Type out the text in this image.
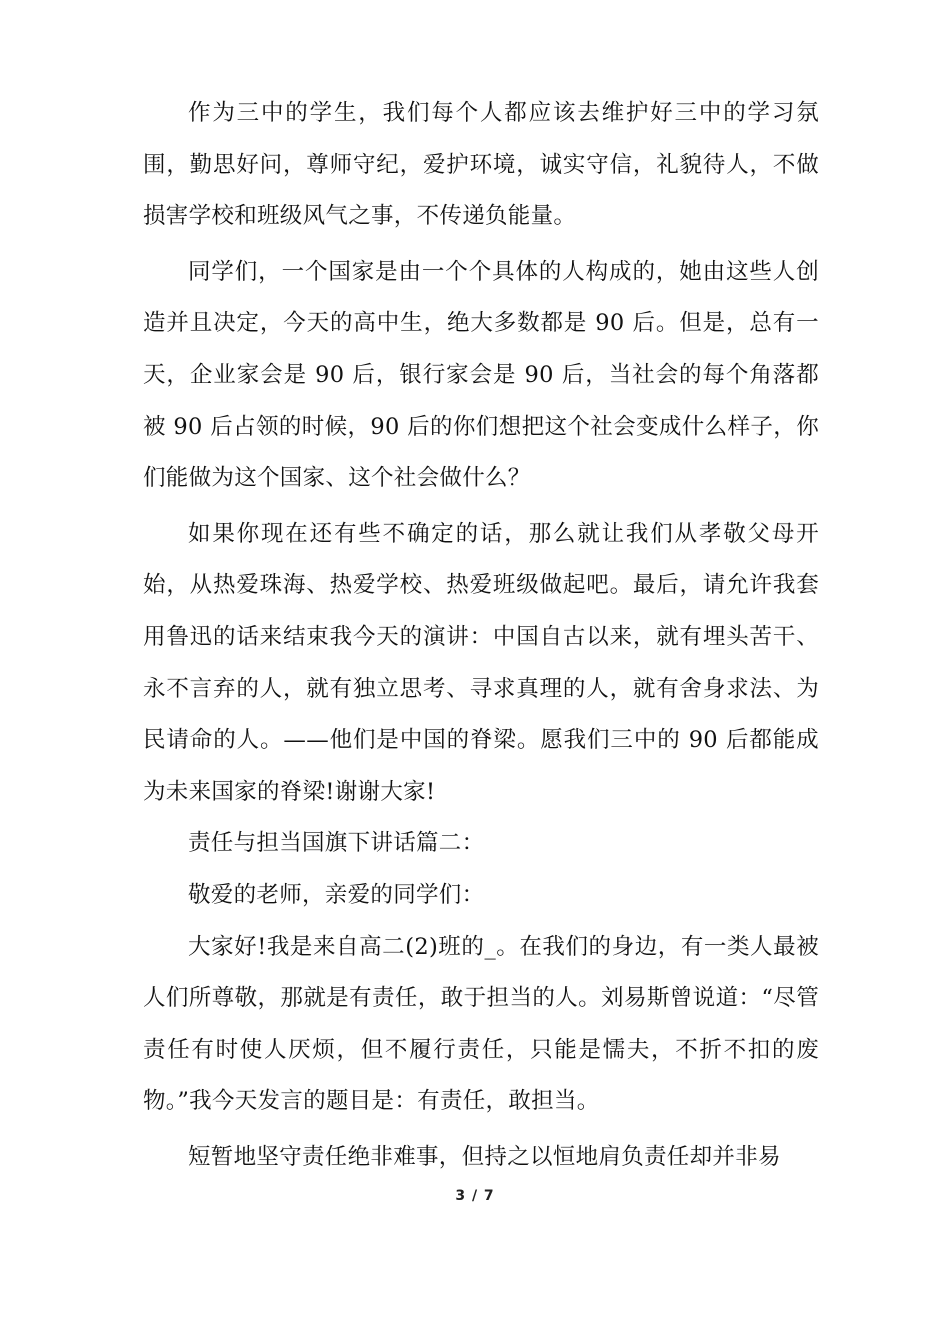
作为三中的学生，我们每个人都应该去维护好三中的学习氛围，勤思好问，尊师守纪，爱护环境，诚实守信，礼貌待人，不做损害学校和班级风气之事，不传递负能量。

同学们，一个国家是由一个个具体的人构成的，她由这些人创造并且决定，今天的高中生，绝大多数都是 90 后。但是，总有一天，企业家会是 90 后，银行家会是 90 后，当社会的每个角落都被 90 后占领的时候，90 后的你们想把这个社会变成什么样子，你们能做为这个国家、这个社会做什么？

如果你现在还有些不确定的话，那么就让我们从孝敬父母开始，从热爱珠海、热爱学校、热爱班级做起吧。最后，请允许我套用鲁迅的话来结束我今天的演讲：中国自古以来，就有埋头苦干、永不言弃的人，就有独立思考、寻求真理的人，就有舍身求法、为民请命的人。——他们是中国的脊梁。愿我们三中的 90 后都能成为未来国家的脊梁!谢谢大家!

责任与担当国旗下讲话篇二：

敬爱的老师，亲爱的同学们：

大家好!我是来自高二(2)班的_。在我们的身边，有一类人最被人们所尊敬，那就是有责任，敢于担当的人。刘易斯曾说道：“尽管责任有时使人厌烦，但不履行责任，只能是懦夫，不折不扣的废物。”我今天发言的题目是：有责任，敢担当。

短暂地坚守责任绝非难事，但持之以恒地肩负责任却并非易

3 / 7
